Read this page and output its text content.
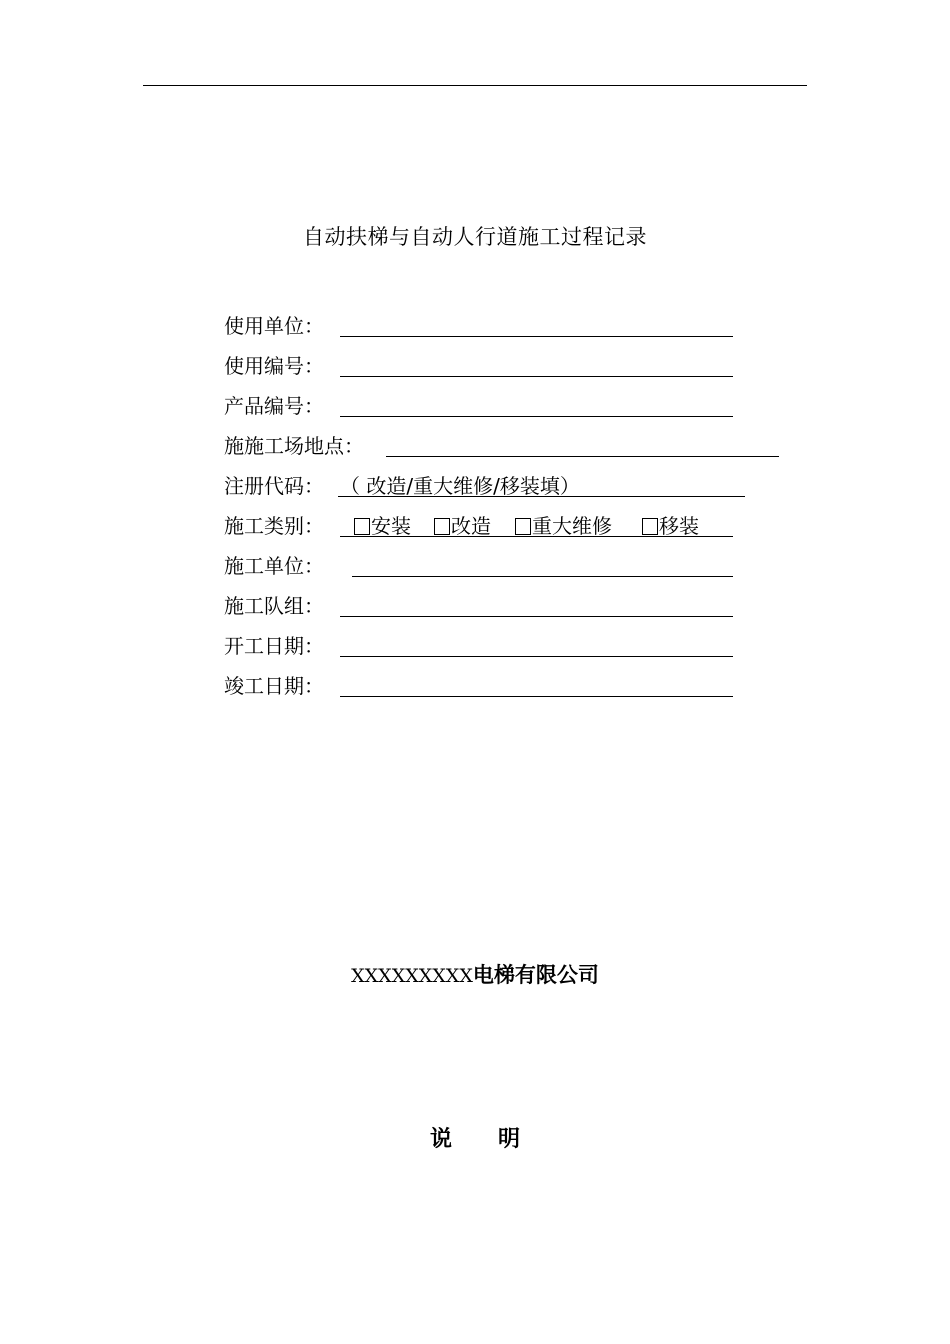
自动扶梯与自动人行道施工过程记录
使用单位：
使用编号：
产品编号：
施施工场地点：
注册代码： （ 改造/重大维修/移装填）
施工类别：	安装	改造	重大维修	移装
施工单位：
施工队组：
开工日期：
竣工日期：
XXXXXXXXX电梯有限公司
说 明
